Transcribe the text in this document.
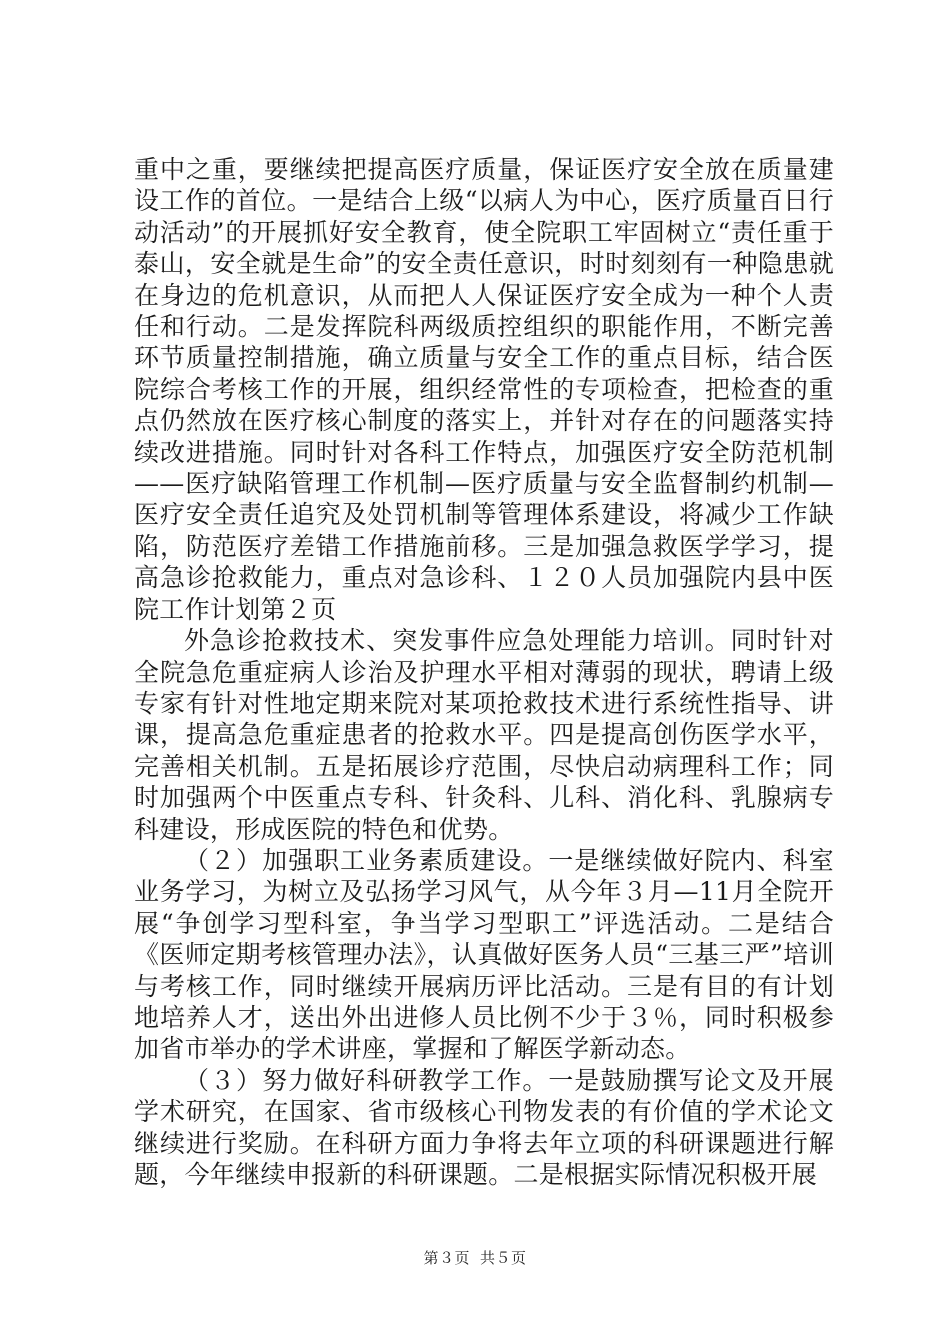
重中之重，要继续把提高医疗质量，保证医疗安全放在质量建设工作的首位。一是结合上级“以病人为中心，医疗质量百日行动活动”的开展抓好安全教育，使全院职工牢固树立“责任重于泰山，安全就是生命”的安全责任意识，时时刻刻有一种隐患就在身边的危机意识，从而把人人保证医疗安全成为一种个人责任和行动。二是发挥院科两级质控组织的职能作用，不断完善环节质量控制措施，确立质量与安全工作的重点目标，结合医院综合考核工作的开展，组织经常性的专项检查，把检查的重点仍然放在医疗核心制度的落实上，并针对存在的问题落实持续改进措施。同时针对各科工作特点，加强医疗安全防范机制——医疗缺陷管理工作机制—医疗质量与安全监督制约机制—医疗安全责任追究及处罚机制等管理体系建设，将减少工作缺陷，防范医疗差错工作措施前移。三是加强急救医学学习，提高急诊抢救能力，重点对急诊科、１２０人员加强院内县中医院工作计划第２页

外急诊抢救技术、突发事件应急处理能力培训。同时针对全院急危重症病人诊治及护理水平相对薄弱的现状，聘请上级专家有针对性地定期来院对某项抢救技术进行系统性指导、讲课，提高急危重症患者的抢救水平。四是提高创伤医学水平，完善相关机制。五是拓展诊疗范围，尽快启动病理科工作；同时加强两个中医重点专科、针灸科、儿科、消化科、乳腺病专科建设，形成医院的特色和优势。

（２）加强职工业务素质建设。一是继续做好院内、科室业务学习，为树立及弘扬学习风气，从今年３月—11月全院开展“争创学习型科室，争当学习型职工”评选活动。二是结合《医师定期考核管理办法》，认真做好医务人员“三基三严”培训与考核工作，同时继续开展病历评比活动。三是有目的有计划地培养人才，送出外出进修人员比例不少于３％，同时积极参加省市举办的学术讲座，掌握和了解医学新动态。

（３）努力做好科研教学工作。一是鼓励撰写论文及开展学术研究，在国家、省市级核心刊物发表的有价值的学术论文继续进行奖励。在科研方面力争将去年立项的科研课题进行解题，今年继续申报新的科研课题。二是根据实际情况积极开展

第３页 共５页
